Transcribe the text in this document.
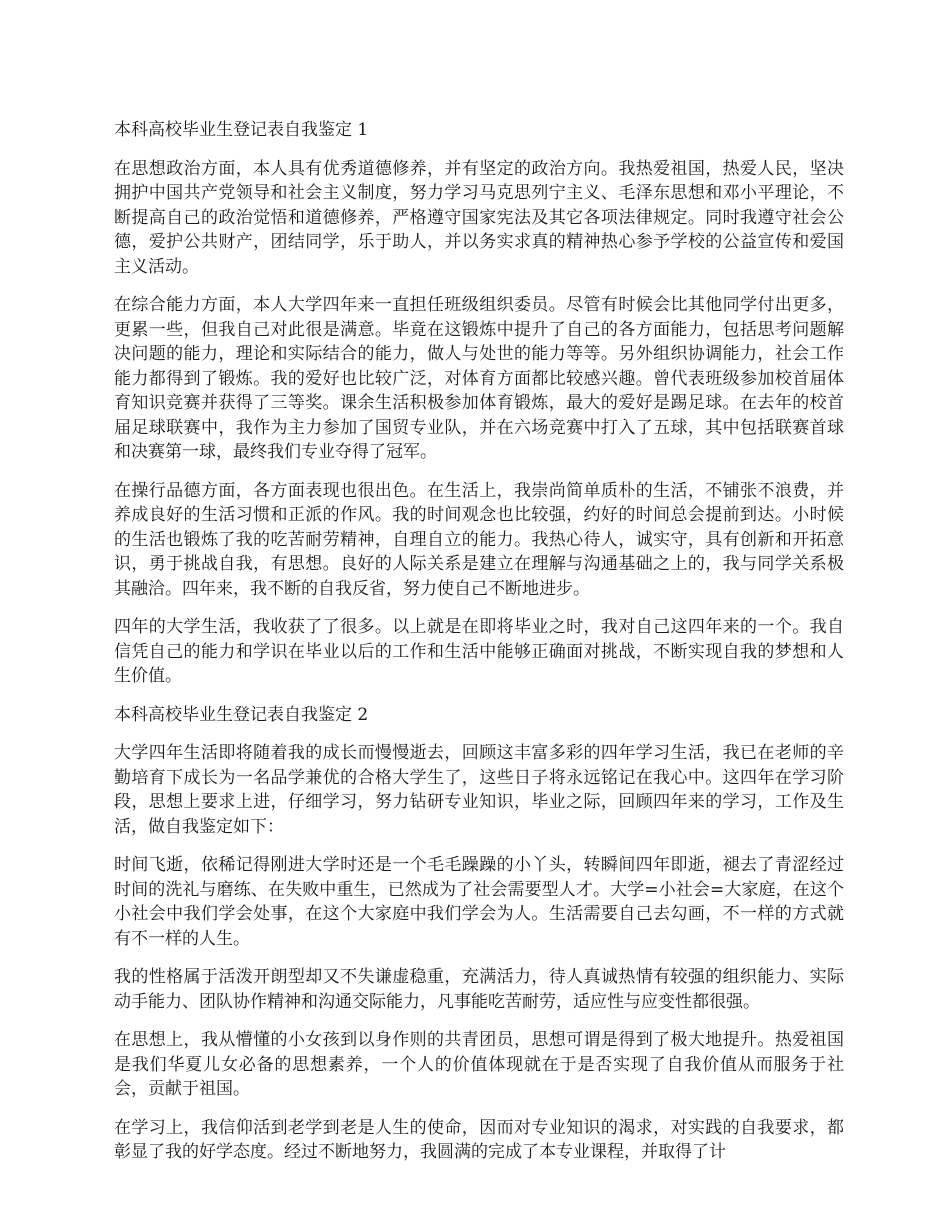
本科高校毕业生登记表自我鉴定 1

在思想政治方面，本人具有优秀道德修养，并有坚定的政治方向。我热爱祖国，热爱人民，坚决拥护中国共产党领导和社会主义制度，努力学习马克思列宁主义、毛泽东思想和邓小平理论，不断提高自己的政治觉悟和道德修养，严格遵守国家宪法及其它各项法律规定。同时我遵守社会公德，爱护公共财产，团结同学，乐于助人，并以务实求真的精神热心参予学校的公益宣传和爱国主义活动。

在综合能力方面，本人大学四年来一直担任班级组织委员。尽管有时候会比其他同学付出更多，更累一些，但我自己对此很是满意。毕竟在这锻炼中提升了自己的各方面能力，包括思考问题解决问题的能力，理论和实际结合的能力，做人与处世的能力等等。另外组织协调能力，社会工作能力都得到了锻炼。我的爱好也比较广泛，对体育方面都比较感兴趣。曾代表班级参加校首届体育知识竞赛并获得了三等奖。课余生活积极参加体育锻炼，最大的爱好是踢足球。在去年的校首届足球联赛中，我作为主力参加了国贸专业队，并在六场竞赛中打入了五球，其中包括联赛首球和决赛第一球，最终我们专业夺得了冠军。

在操行品德方面，各方面表现也很出色。在生活上，我崇尚简单质朴的生活，不铺张不浪费，并养成良好的生活习惯和正派的作风。我的时间观念也比较强，约好的时间总会提前到达。小时候的生活也锻炼了我的吃苦耐劳精神，自理自立的能力。我热心待人，诚实守，具有创新和开拓意识，勇于挑战自我，有思想。良好的人际关系是建立在理解与沟通基础之上的，我与同学关系极其融洽。四年来，我不断的自我反省，努力使自己不断地进步。

四年的大学生活，我收获了了很多。以上就是在即将毕业之时，我对自己这四年来的一个。我自信凭自己的能力和学识在毕业以后的工作和生活中能够正确面对挑战，不断实现自我的梦想和人生价值。

本科高校毕业生登记表自我鉴定 2

大学四年生活即将随着我的成长而慢慢逝去，回顾这丰富多彩的四年学习生活，我已在老师的辛勤培育下成长为一名品学兼优的合格大学生了，这些日子将永远铭记在我心中。这四年在学习阶段，思想上要求上进，仔细学习，努力钻研专业知识，毕业之际，回顾四年来的学习，工作及生活，做自我鉴定如下：

时间飞逝，依稀记得刚进大学时还是一个毛毛躁躁的小丫头，转瞬间四年即逝，褪去了青涩经过时间的洗礼与磨练、在失败中重生，已然成为了社会需要型人才。大学=小社会=大家庭，在这个小社会中我们学会处事，在这个大家庭中我们学会为人。生活需要自己去勾画，不一样的方式就有不一样的人生。

我的性格属于活泼开朗型却又不失谦虚稳重，充满活力，待人真诚热情有较强的组织能力、实际动手能力、团队协作精神和沟通交际能力，凡事能吃苦耐劳，适应性与应变性都很强。

在思想上，我从懵懂的小女孩到以身作则的共青团员，思想可谓是得到了极大地提升。热爱祖国是我们华夏儿女必备的思想素养，一个人的价值体现就在于是否实现了自我价值从而服务于社会，贡献于祖国。

在学习上，我信仰活到老学到老是人生的使命，因而对专业知识的渴求，对实践的自我要求，都彰显了我的好学态度。经过不断地努力，我圆满的完成了本专业课程，并取得了计
